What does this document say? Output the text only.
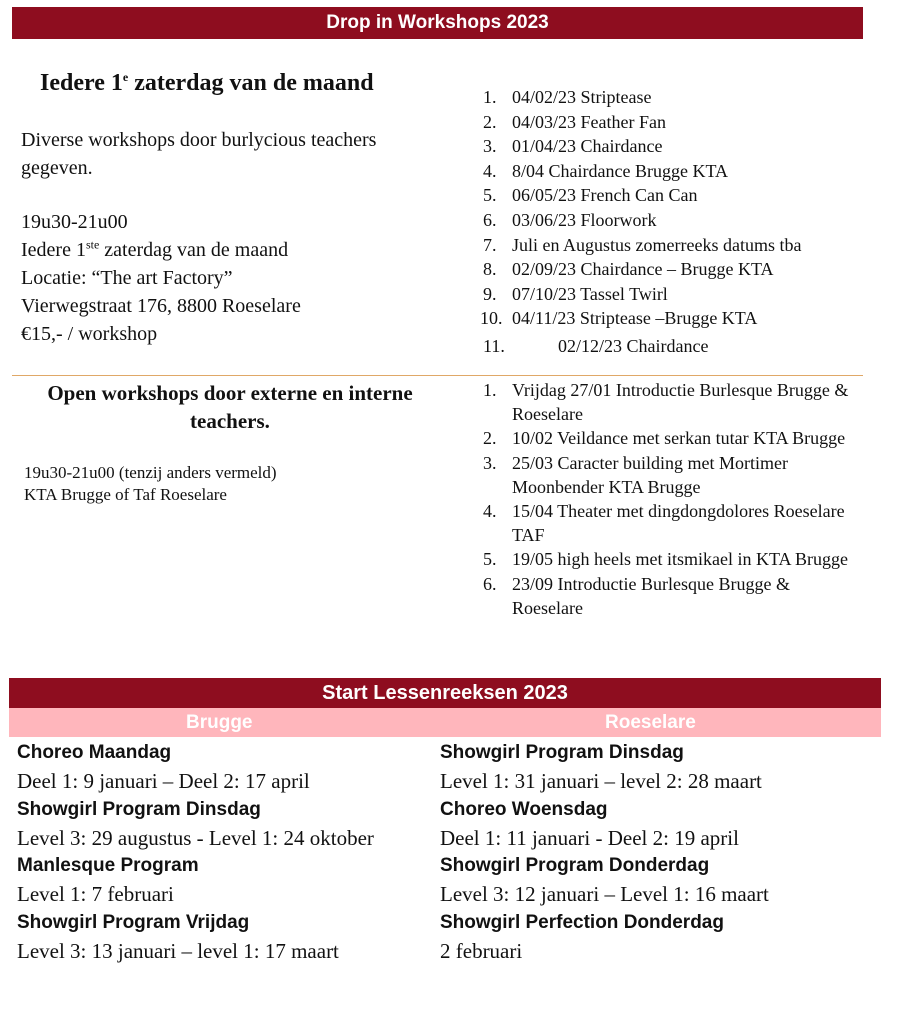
Drop in Workshops 2023
Iedere 1e zaterdag van de maand
Diverse workshops door burlycious teachers gegeven.
19u30-21u00
Iedere 1ste zaterdag van de maand
Locatie: “The art Factory”
Vierwegstraat 176, 8800 Roeselare
€15,- / workshop
1. 04/02/23 Striptease
2. 04/03/23 Feather Fan
3. 01/04/23 Chairdance
4. 8/04 Chairdance Brugge KTA
5. 06/05/23 French Can Can
6. 03/06/23 Floorwork
7. Juli en Augustus zomerreeks datums tba
8. 02/09/23 Chairdance – Brugge KTA
9. 07/10/23 Tassel Twirl
10. 04/11/23 Striptease –Brugge KTA
11.	02/12/23 Chairdance
Open workshops door externe en interne teachers.
19u30-21u00 (tenzij anders vermeld)
KTA Brugge of Taf Roeselare
1. Vrijdag 27/01 Introductie Burlesque Brugge & Roeselare
2. 10/02 Veildance met serkan tutar KTA Brugge
3. 25/03 Caracter building met Mortimer Moonbender KTA Brugge
4. 15/04 Theater met dingdongdolores Roeselare TAF
5. 19/05 high heels met itsmikael in KTA Brugge
6. 23/09 Introductie Burlesque Brugge & Roeselare
Start Lessenreeksen 2023
Brugge	Roeselare
Choreo Maandag
Deel 1: 9 januari – Deel 2: 17 april
Showgirl Program Dinsdag
Level 3: 29 augustus - Level 1: 24 oktober
Manlesque Program
Level 1: 7 februari
Showgirl Program Vrijdag
Level 3: 13 januari – level 1: 17 maart
Showgirl Program Dinsdag
Level 1: 31 januari – level 2: 28 maart
Choreo Woensdag
Deel 1: 11 januari - Deel 2: 19 april
Showgirl Program Donderdag
Level 3: 12 januari – Level 1: 16 maart
Showgirl Perfection Donderdag
2 februari
